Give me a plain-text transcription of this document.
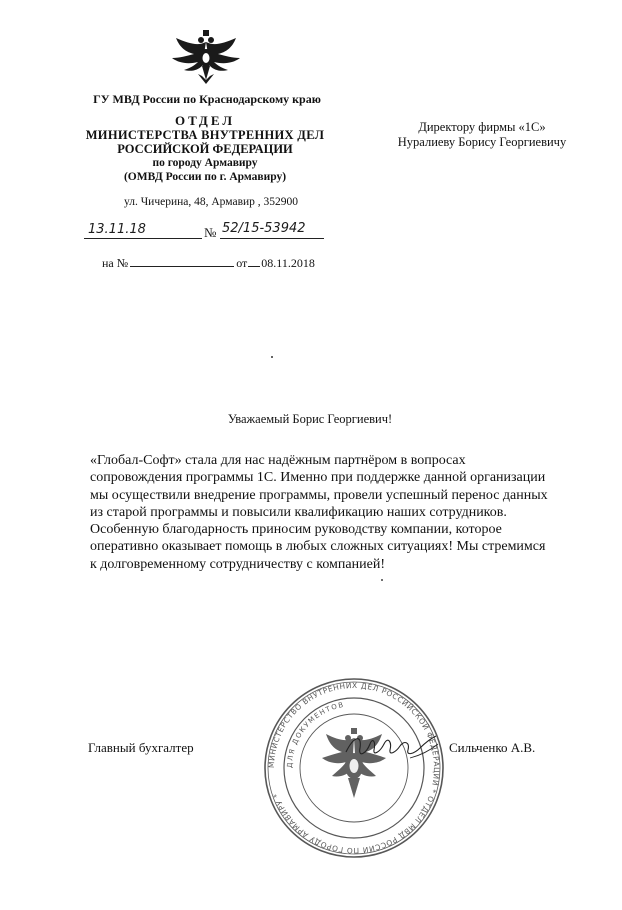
ГУ МВД России по Краснодарскому краю
ОТДЕЛ
МИНИСТЕРСТВА ВНУТРЕННИХ ДЕЛ
РОССИЙСКОЙ ФЕДЕРАЦИИ
по городу Армавиру
(ОМВД России по г. Армавиру)
ул. Чичерина, 48, Армавир , 352900
13.11.18	№ 52/15-53942
на №	от 08.11.2018
Директору фирмы «1С»
Нуралиеву Борису Георгиевичу
Уважаемый Борис Георгиевич!
«Глобал-Софт» стала для нас надёжным партнёром в вопросах
сопровождения программы 1С. Именно при поддержке данной организации
мы осуществили внедрение программы, провели успешный перенос данных
из старой программы и повысили квалификацию наших сотрудников.
Особенную благодарность приносим руководству компании, которое
оперативно оказывает помощь в любых сложных ситуациях! Мы стремимся
к долговременному сотрудничеству с компанией!
МИНИСТЕРСТВО ВНУТРЕННИХ ДЕЛ РОССИЙСКОЙ ФЕДЕРАЦИИ * ОТДЕЛ МВД РОССИИ ПО ГОРОДУ АРМАВИРУ *
ДЛЯ ДОКУМЕНТОВ
Главный бухгалтер	Сильченко А.В.
